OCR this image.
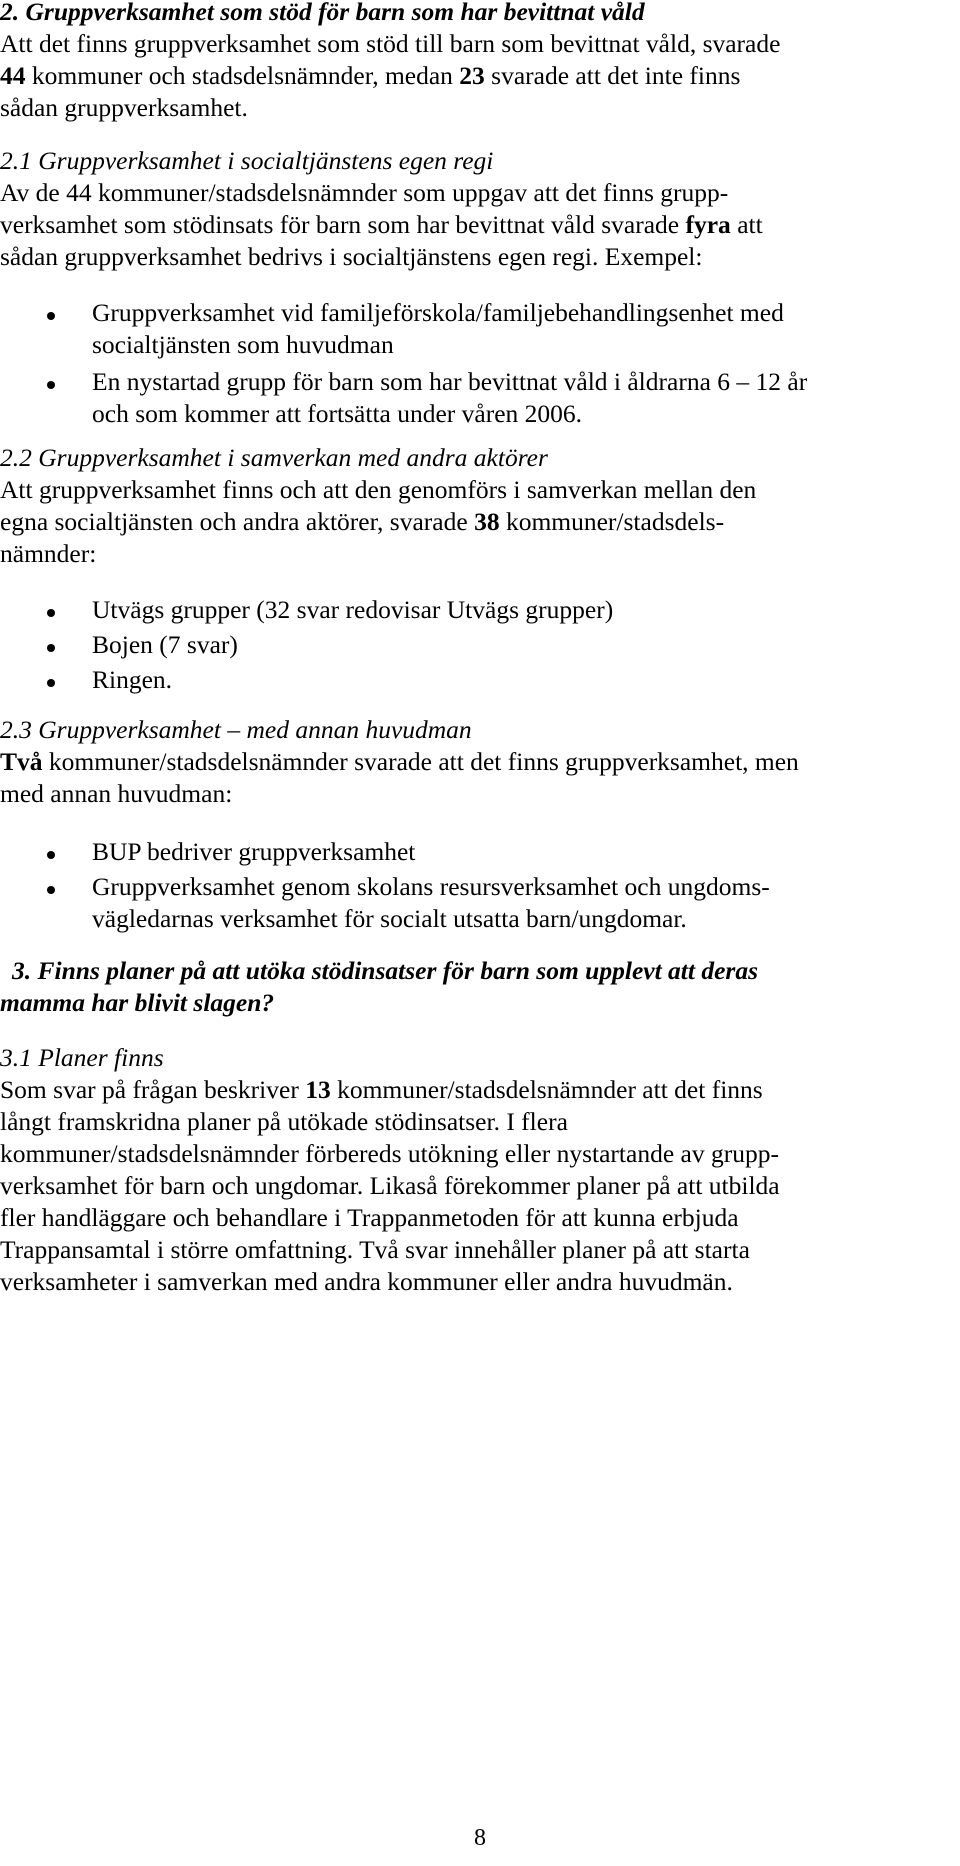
2. Gruppverksamhet som stöd för barn som har bevittnat våld
Att det finns gruppverksamhet som stöd till barn som bevittnat våld, svarade
44 kommuner och stadsdelsnämnder, medan 23 svarade att det inte finns
sådan gruppverksamhet.
2.1 Gruppverksamhet i socialtjänstens egen regi
Av de 44 kommuner/stadsdelsnämnder som uppgav att det finns grupp-
verksamhet som stödinsats för barn som har bevittnat våld svarade fyra att
sådan gruppverksamhet bedrivs i socialtjänstens egen regi. Exempel:
Gruppverksamhet vid familjeförskola/familjebehandlingsenhet med
socialtjänsten som huvudman
En nystartad grupp för barn som har bevittnat våld i åldrarna 6 – 12 år
och som kommer att fortsätta under våren 2006.
2.2 Gruppverksamhet i samverkan med andra aktörer
Att gruppverksamhet finns och att den genomförs i samverkan mellan den
egna socialtjänsten och andra aktörer, svarade 38 kommuner/stadsdels-
nämnder:
Utvägs grupper (32 svar redovisar Utvägs grupper)
Bojen (7 svar)
Ringen.
2.3 Gruppverksamhet – med annan huvudman
Två kommuner/stadsdelsnämnder svarade att det finns gruppverksamhet, men
med annan huvudman:
BUP bedriver gruppverksamhet
Gruppverksamhet genom skolans resursverksamhet och ungdoms-
vägledarnas verksamhet för socialt utsatta barn/ungdomar.
3. Finns planer på att utöka stödinsatser för barn som upplevt att deras
mamma har blivit slagen?
3.1 Planer finns
Som svar på frågan beskriver 13 kommuner/stadsdelsnämnder att det finns
långt framskridna planer på utökade stödinsatser. I flera
kommuner/stadsdelsnämnder förbereds utökning eller nystartande av grupp-
verksamhet för barn och ungdomar. Likaså förekommer planer på att utbilda
fler handläggare och behandlare i Trappanmetoden för att kunna erbjuda
Trappansamtal i större omfattning. Två svar innehåller planer på att starta
verksamheter i samverkan med andra kommuner eller andra huvudmän.
8
